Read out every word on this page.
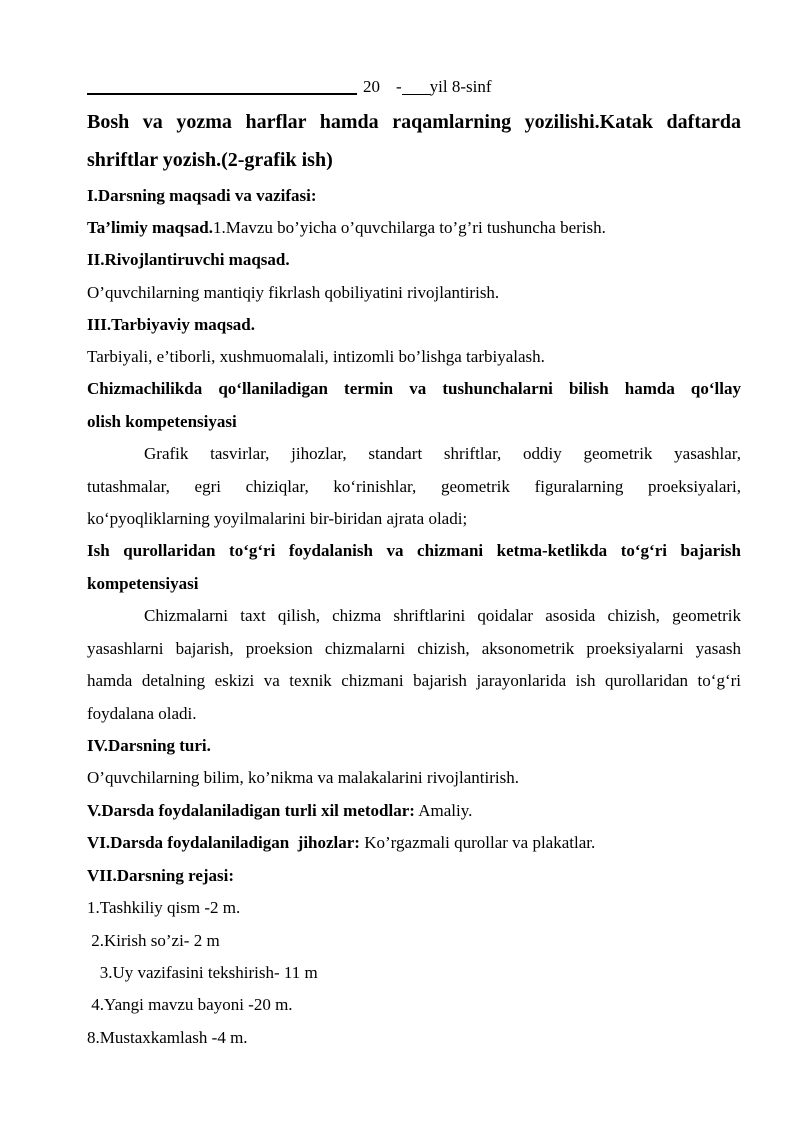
20 - yil 8-sinf
Bosh va yozma harflar hamda raqamlarning yozilishi.Katak daftarda
shriftlar yozish.(2-grafik ish)
I.Darsning maqsadi va vazifasi:
Ta’limiy maqsad.1.Mavzu bo’yicha o’quvchilarga to’g’ri tushuncha berish.
II.Rivojlantiruvchi maqsad.
O’quvchilarning mantiqiy fikrlash qobiliyatini rivojlantirish.
III.Tarbiyaviy maqsad.
Tarbiyali, e’tiborli, xushmuomalali, intizomli bo’lishga tarbiyalash.
Chizmachilikda qo‘llaniladigan termin va tushunchalarni bilish hamda qo‘llay
olish kompetensiyasi
Grafik tasvirlar, jihozlar, standart shriftlar, oddiy geometrik yasashlar,
tutashmalar, egri chiziqlar, ko‘rinishlar, geometrik figuralarning proeksiyalari,
ko‘pyoqliklarning yoyilmalarini bir-biridan ajrata oladi;
Ish qurollaridan to‘g‘ri foydalanish va chizmani ketma-ketlikda to‘g‘ri bajarish
kompetensiyasi
Chizmalarni taxt qilish, chizma shriftlarini qoidalar asosida chizish, geometrik
yasashlarni bajarish, proeksion chizmalarni chizish, aksonometrik proeksiyalarni yasash
hamda detalning eskizi va texnik chizmani bajarish jarayonlarida ish qurollaridan to‘g‘ri
foydalana oladi.
IV.Darsning turi.
O’quvchilarning bilim, ko’nikma va malakalarini rivojlantirish.
V.Darsda foydalaniladigan turli xil metodlar: Amaliy.
VI.Darsda foydalaniladigan  jihozlar: Ko’rgazmali qurollar va plakatlar.
VII.Darsning rejasi:
1.Tashkiliy qism -2 m.
2.Kirish so’zi- 2 m
3.Uy vazifasini tekshirish- 11 m
4.Yangi mavzu bayoni -20 m.
8.Mustaxkamlash -4 m.
